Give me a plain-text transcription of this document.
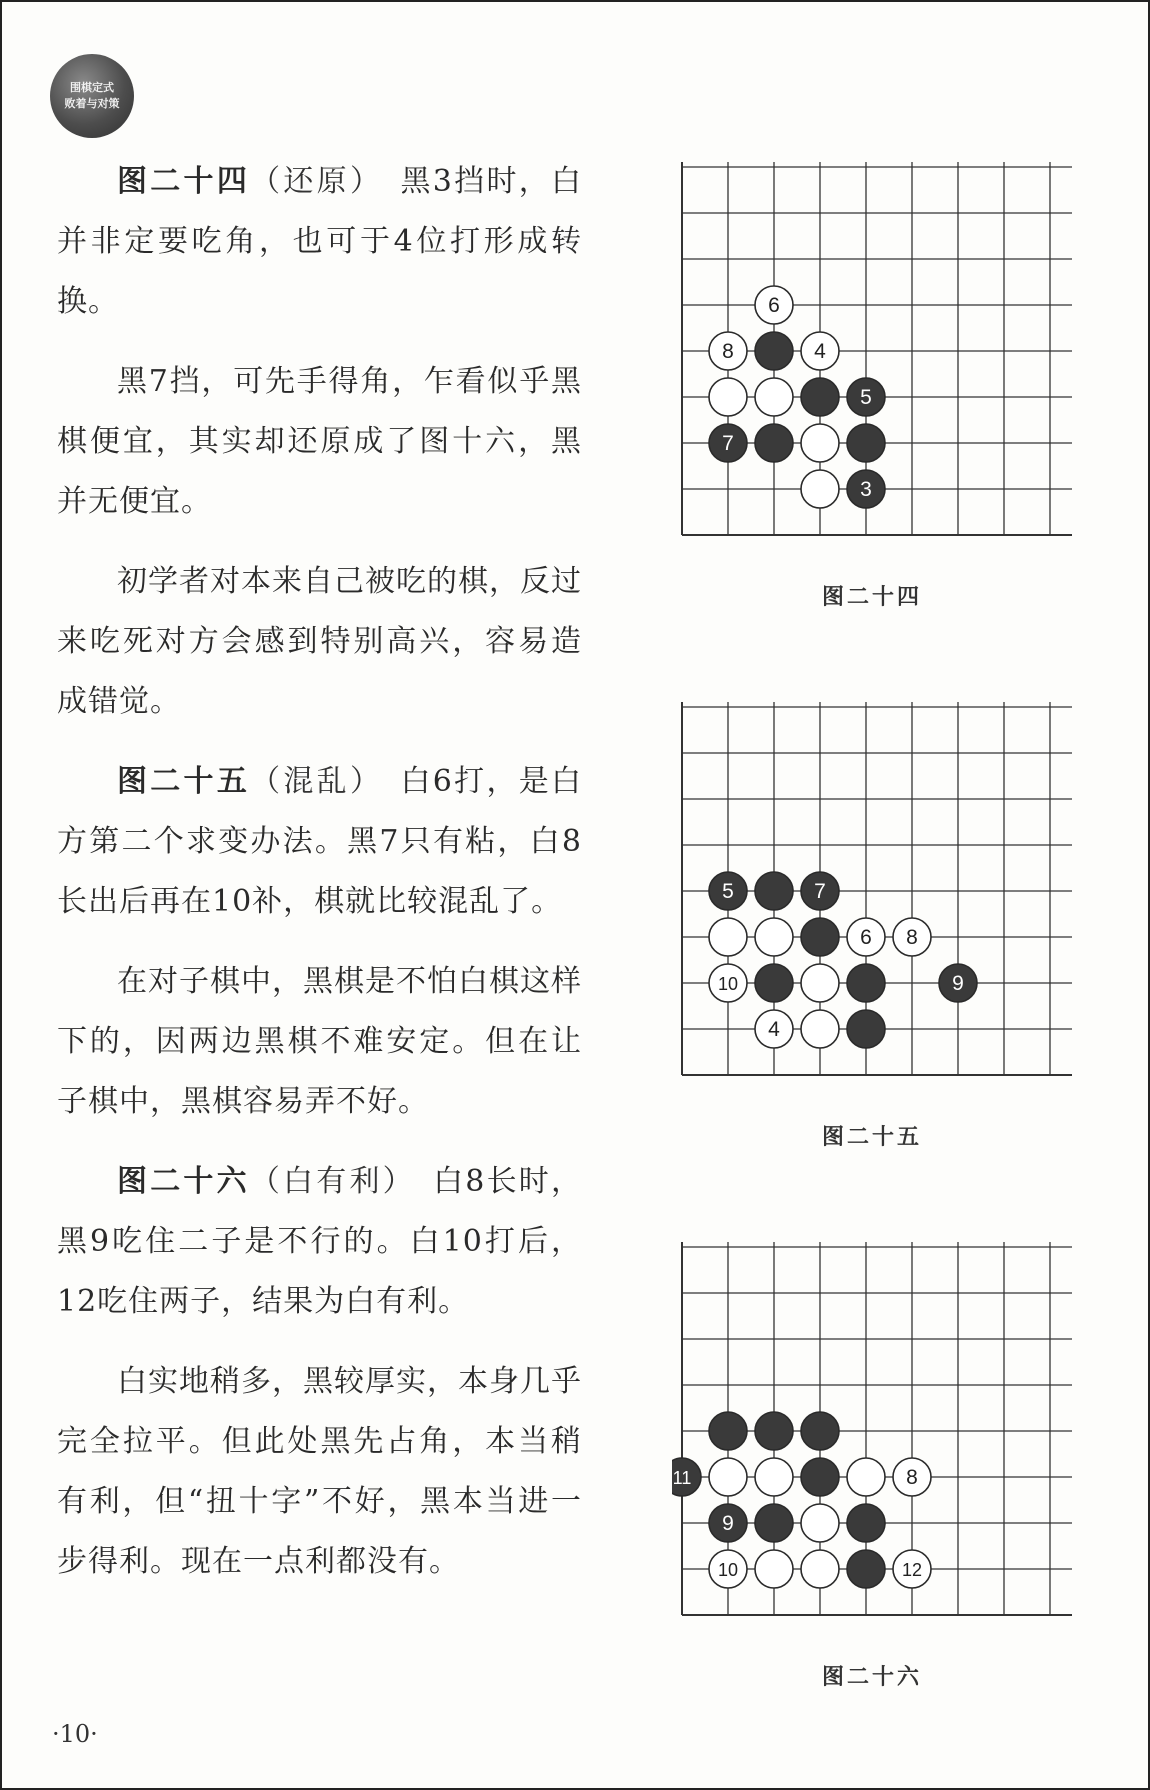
围棋定式
败着与对策

图二十四（还原）　黑3挡时，白并非定要吃角，也可于4位打形成转换。

黑7挡，可先手得角，乍看似乎黑棋便宜，其实却还原成了图十六，黑并无便宜。

初学者对本来自己被吃的棋，反过来吃死对方会感到特别高兴，容易造成错觉。

图二十五（混乱）　白6打，是白方第二个求变办法。黑7只有粘，白8长出后再在10补，棋就比较混乱了。

在对子棋中，黑棋是不怕白棋这样下的，因两边黑棋不难安定。但在让子棋中，黑棋容易弄不好。

图二十六（白有利）　白8长时，黑9吃住二子是不行的。白10打后，12吃住两子，结果为白有利。

白实地稍多，黑较厚实，本身几乎完全拉平。但此处黑先占角，本当稍有利，但“扭十字”不好，黑本当进一步得利。现在一点利都没有。

6
8	4
5
7
3
图二十四
5	7
6 8
10	9
4
图二十五
11	8
9
10	12
图二十六
·10·
